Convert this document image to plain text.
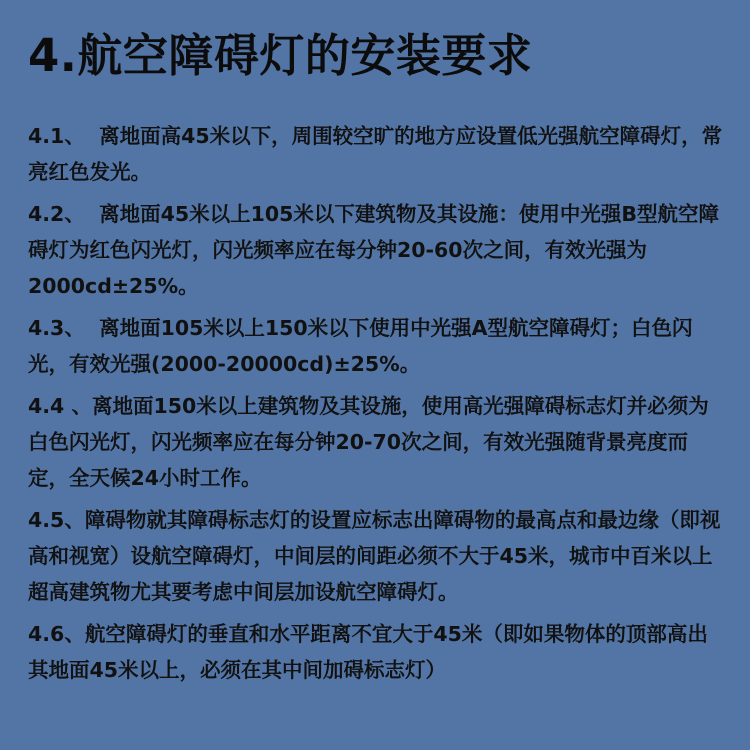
4.航空障碍灯的安装要求
4.1、  离地面高45米以下，周围较空旷的地方应设置低光强航空障碍灯，常亮红色发光。
4.2、  离地面45米以上105米以下建筑物及其设施：使用中光强B型航空障碍灯为红色闪光灯，闪光频率应在每分钟20-60次之间，有效光强为2000cd±25%。
4.3、  离地面105米以上150米以下使用中光强A型航空障碍灯；白色闪光，有效光强(2000-20000cd)±25%。
4.4 、离地面150米以上建筑物及其设施，使用高光强障碍标志灯并必须为白色闪光灯，闪光频率应在每分钟20-70次之间，有效光强随背景亮度而定，全天候24小时工作。
4.5、障碍物就其障碍标志灯的设置应标志出障碍物的最高点和最边缘（即视高和视宽）设航空障碍灯，中间层的间距必须不大于45米，城市中百米以上超高建筑物尤其要考虑中间层加设航空障碍灯。
4.6、航空障碍灯的垂直和水平距离不宜大于45米（即如果物体的顶部高出其地面45米以上，必须在其中间加碍标志灯）
